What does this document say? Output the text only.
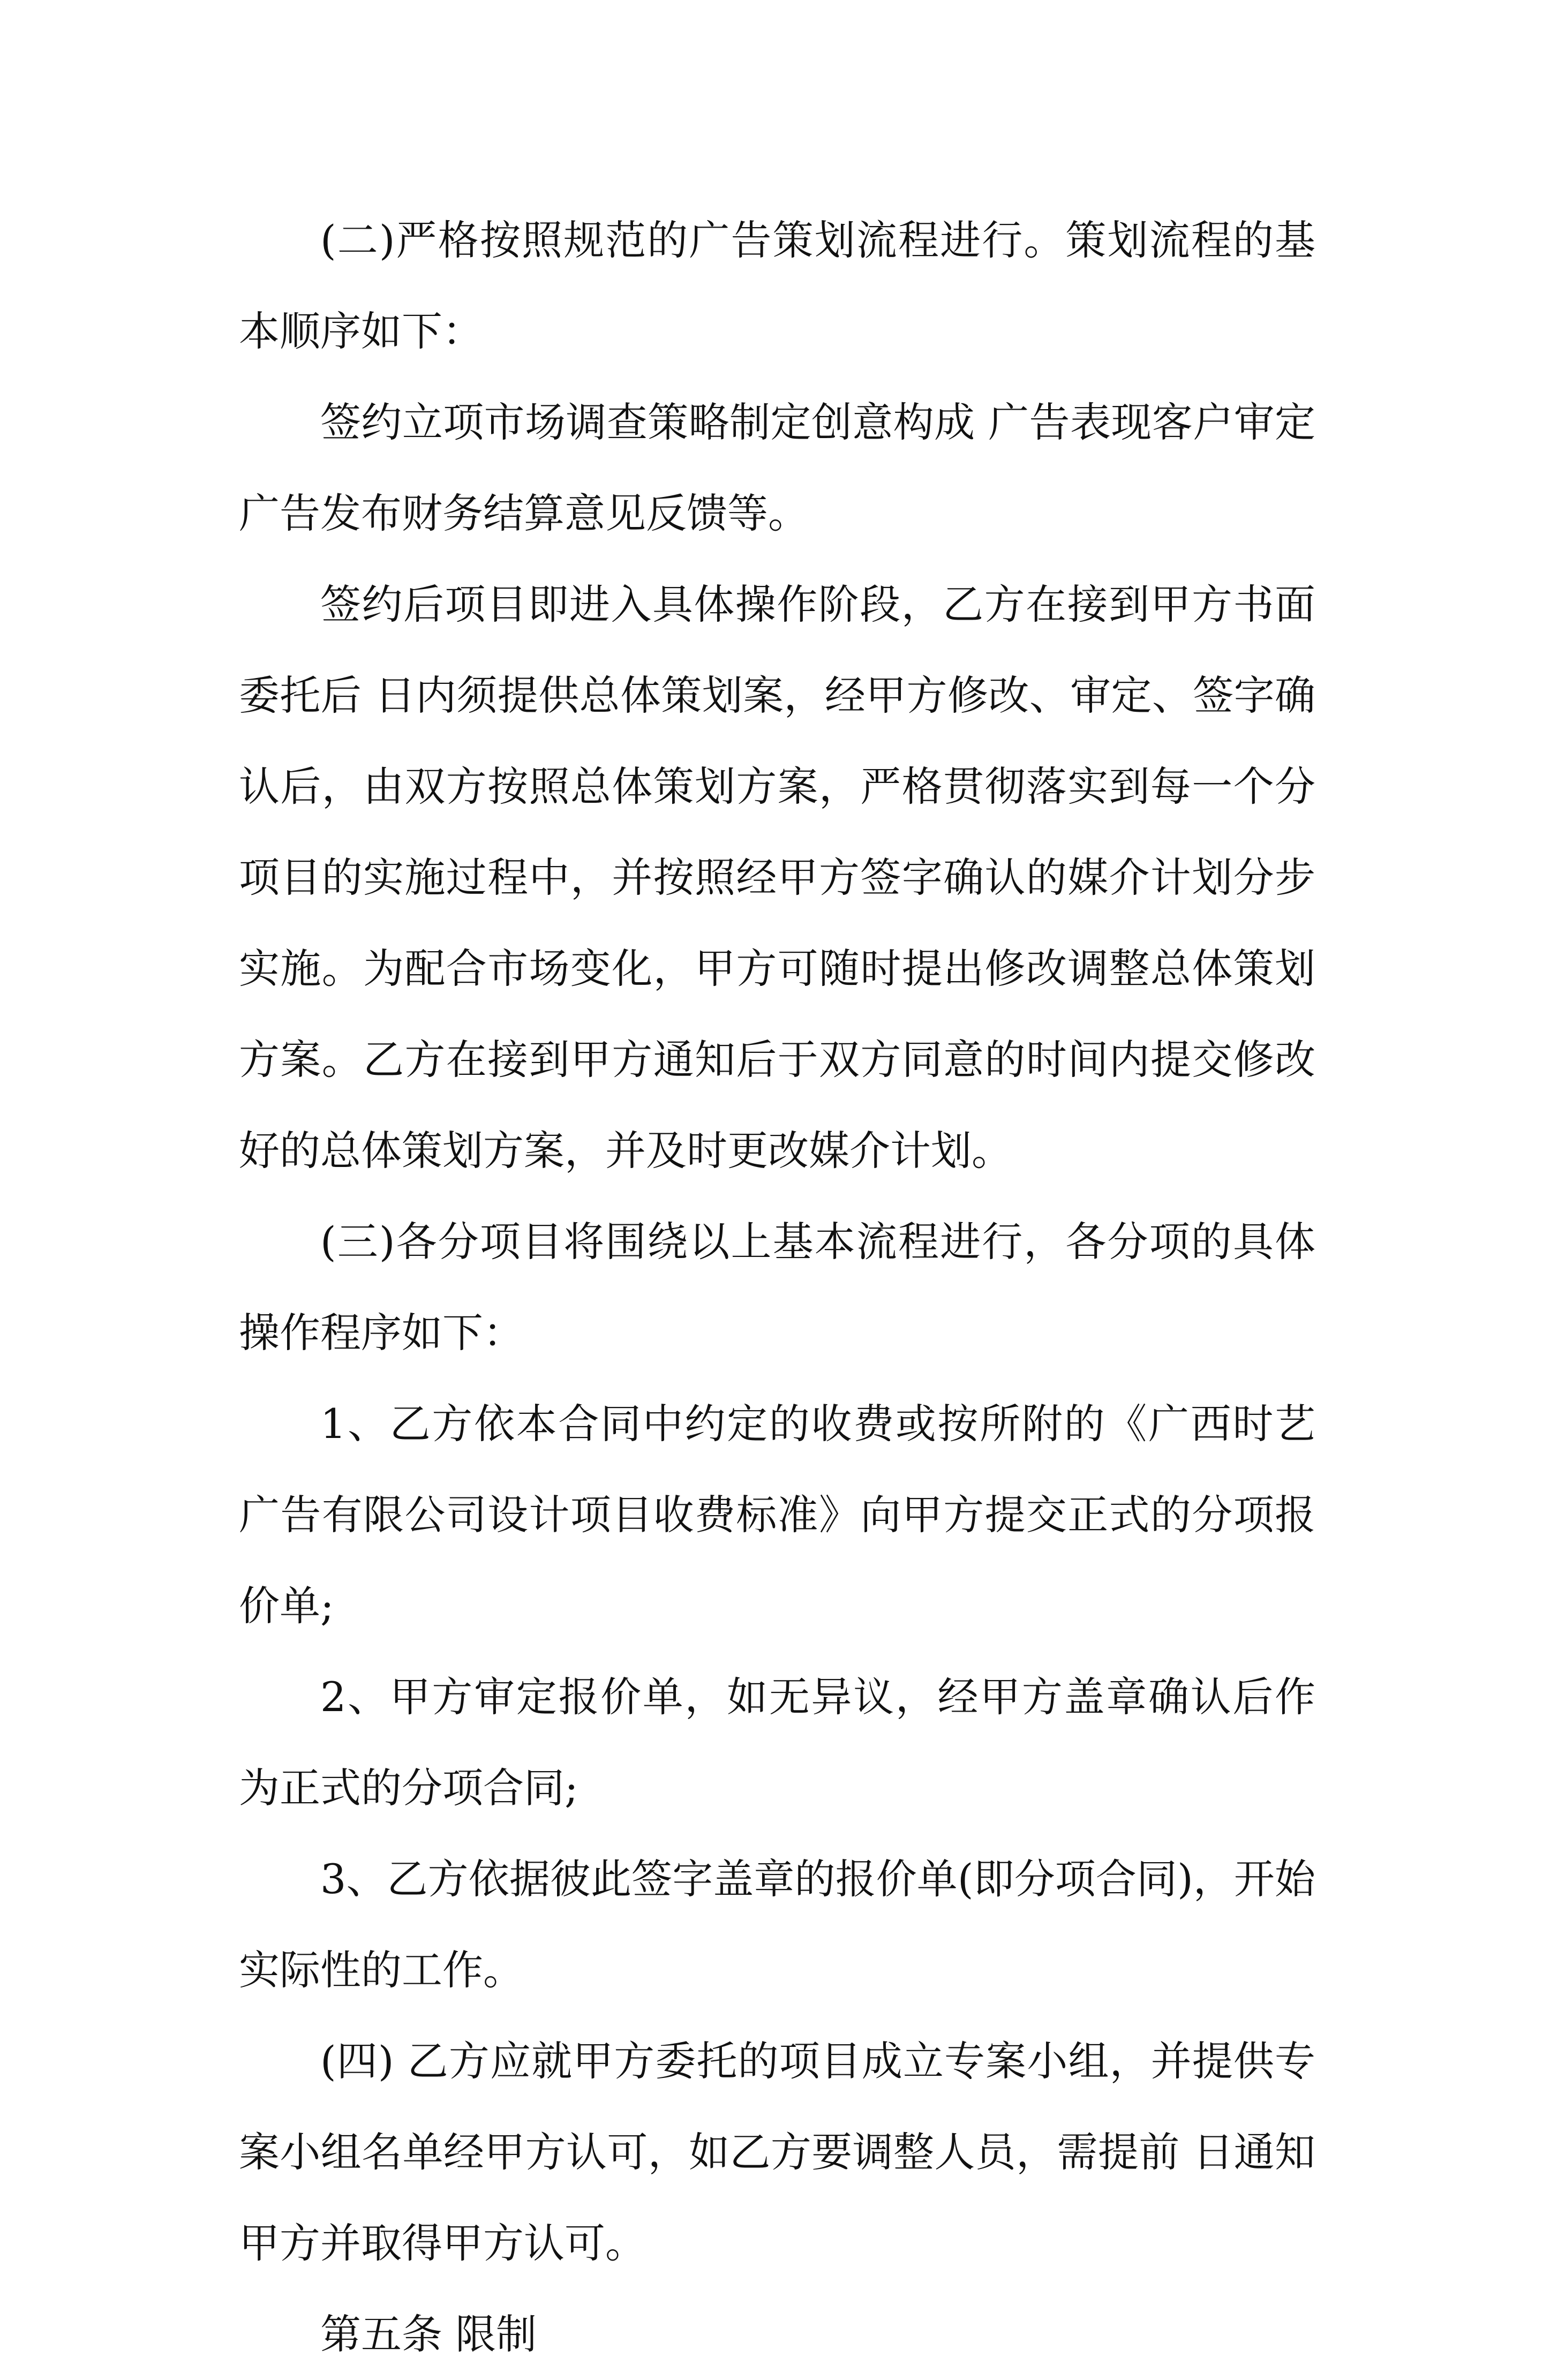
(二)严格按照规范的广告策划流程进行。策划流程的基本顺序如下：

签约立项市场调查策略制定创意构成 广告表现客户审定 广告发布财务结算意见反馈等。

签约后项目即进入具体操作阶段，乙方在接到甲方书面委托后 日内须提供总体策划案，经甲方修改、审定、签字确认后，由双方按照总体策划方案，严格贯彻落实到每一个分项目的实施过程中，并按照经甲方签字确认的媒介计划分步实施。为配合市场变化，甲方可随时提出修改调整总体策划方案。乙方在接到甲方通知后于双方同意的时间内提交修改好的总体策划方案，并及时更改媒介计划。

(三)各分项目将围绕以上基本流程进行，各分项的具体操作程序如下：

1、乙方依本合同中约定的收费或按所附的《广西时艺广告有限公司设计项目收费标准》向甲方提交正式的分项报价单;

2、甲方审定报价单，如无异议，经甲方盖章确认后作为正式的分项合同;

3、乙方依据彼此签字盖章的报价单(即分项合同)，开始实际性的工作。

(四) 乙方应就甲方委托的项目成立专案小组，并提供专案小组名单经甲方认可，如乙方要调整人员，需提前 日通知甲方并取得甲方认可。

第五条 限制
